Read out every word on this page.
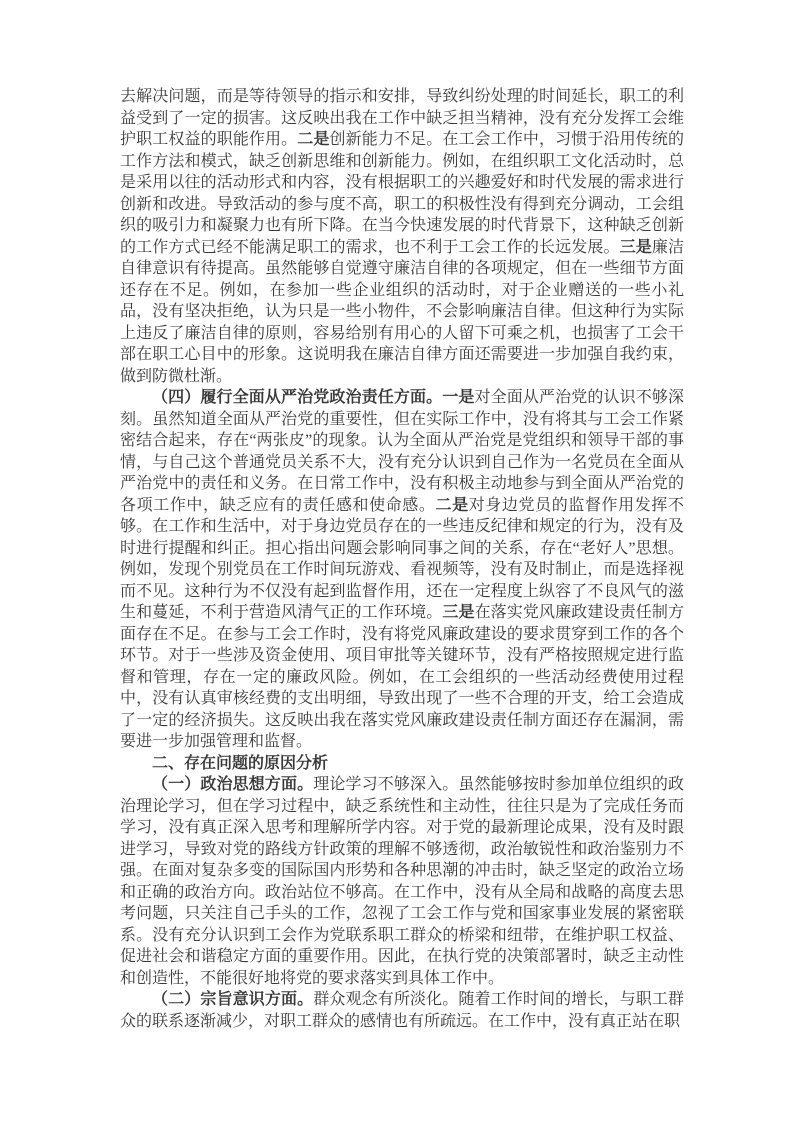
去解决问题，而是等待领导的指示和安排，导致纠纷处理的时间延长，职工的利益受到了一定的损害。这反映出我在工作中缺乏担当精神，没有充分发挥工会维护职工权益的职能作用。二是创新能力不足。在工会工作中，习惯于沿用传统的工作方法和模式，缺乏创新思维和创新能力。例如，在组织职工文化活动时，总是采用以往的活动形式和内容，没有根据职工的兴趣爱好和时代发展的需求进行创新和改进。导致活动的参与度不高，职工的积极性没有得到充分调动，工会组织的吸引力和凝聚力也有所下降。在当今快速发展的时代背景下，这种缺乏创新的工作方式已经不能满足职工的需求，也不利于工会工作的长远发展。三是廉洁自律意识有待提高。虽然能够自觉遵守廉洁自律的各项规定，但在一些细节方面还存在不足。例如，在参加一些企业组织的活动时，对于企业赠送的一些小礼品，没有坚决拒绝，认为只是一些小物件，不会影响廉洁自律。但这种行为实际上违反了廉洁自律的原则，容易给别有用心的人留下可乘之机，也损害了工会干部在职工心目中的形象。这说明我在廉洁自律方面还需要进一步加强自我约束，做到防微杜渐。

（四）履行全面从严治党政治责任方面。一是对全面从严治党的认识不够深刻。虽然知道全面从严治党的重要性，但在实际工作中，没有将其与工会工作紧密结合起来，存在“两张皮”的现象。认为全面从严治党是党组织和领导干部的事情，与自己这个普通党员关系不大，没有充分认识到自己作为一名党员在全面从严治党中的责任和义务。在日常工作中，没有积极主动地参与到全面从严治党的各项工作中，缺乏应有的责任感和使命感。二是对身边党员的监督作用发挥不够。在工作和生活中，对于身边党员存在的一些违反纪律和规定的行为，没有及时进行提醒和纠正。担心指出问题会影响同事之间的关系，存在“老好人”思想。例如，发现个别党员在工作时间玩游戏、看视频等，没有及时制止，而是选择视而不见。这种行为不仅没有起到监督作用，还在一定程度上纵容了不良风气的滋生和蔓延，不利于营造风清气正的工作环境。三是在落实党风廉政建设责任制方面存在不足。在参与工会工作时，没有将党风廉政建设的要求贯穿到工作的各个环节。对于一些涉及资金使用、项目审批等关键环节，没有严格按照规定进行监督和管理，存在一定的廉政风险。例如，在工会组织的一些活动经费使用过程中，没有认真审核经费的支出明细，导致出现了一些不合理的开支，给工会造成了一定的经济损失。这反映出我在落实党风廉政建设责任制方面还存在漏洞，需要进一步加强管理和监督。

二、存在问题的原因分析

（一）政治思想方面。理论学习不够深入。虽然能够按时参加单位组织的政治理论学习，但在学习过程中，缺乏系统性和主动性，往往只是为了完成任务而学习，没有真正深入思考和理解所学内容。对于党的最新理论成果，没有及时跟进学习，导致对党的路线方针政策的理解不够透彻，政治敏锐性和政治鉴别力不强。在面对复杂多变的国际国内形势和各种思潮的冲击时，缺乏坚定的政治立场和正确的政治方向。政治站位不够高。在工作中，没有从全局和战略的高度去思考问题，只关注自己手头的工作，忽视了工会工作与党和国家事业发展的紧密联系。没有充分认识到工会作为党联系职工群众的桥梁和纽带，在维护职工权益、促进社会和谐稳定方面的重要作用。因此，在执行党的决策部署时，缺乏主动性和创造性，不能很好地将党的要求落实到具体工作中。

（二）宗旨意识方面。群众观念有所淡化。随着工作时间的增长，与职工群众的联系逐渐减少，对职工群众的感情也有所疏远。在工作中，没有真正站在职
